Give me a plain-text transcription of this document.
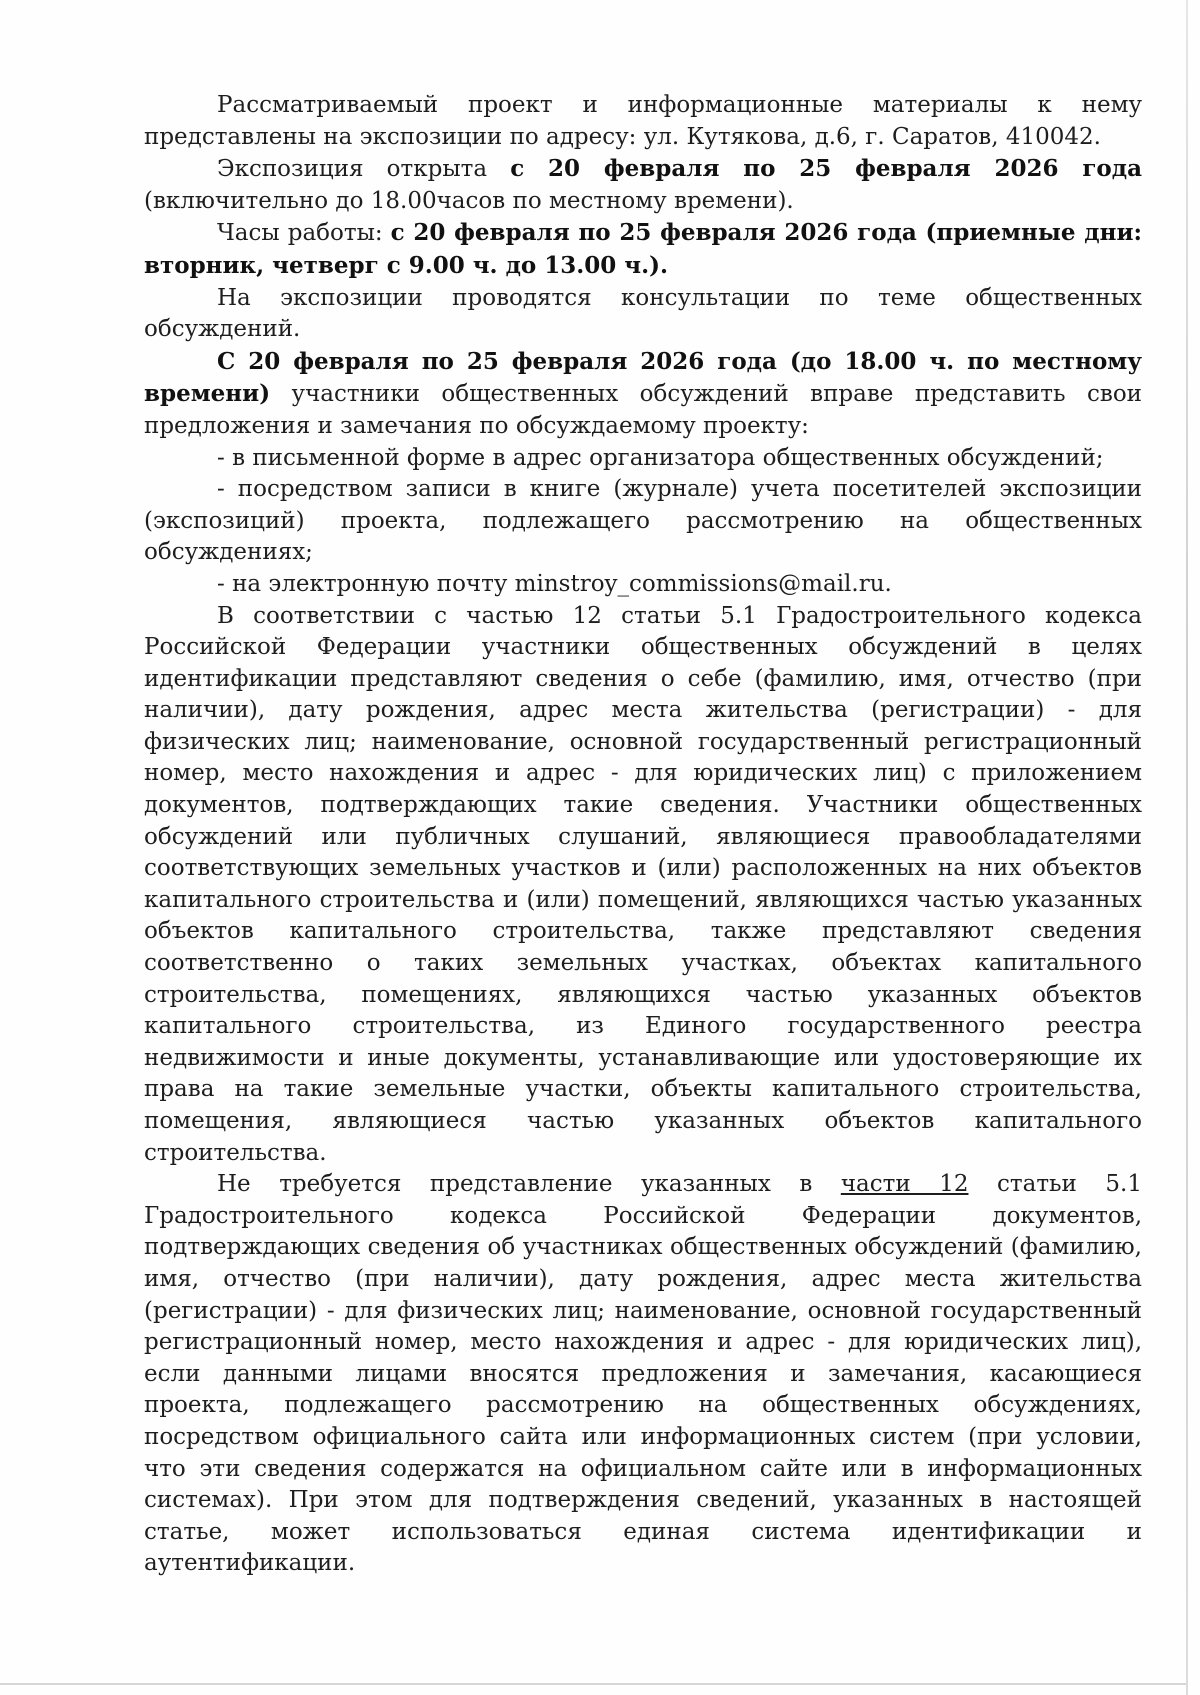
Рассматриваемый проект и информационные материалы к нему представлены на экспозиции по адресу: ул. Кутякова, д.6, г. Саратов, 410042.

Экспозиция открыта с 20 февраля по 25 февраля 2026 года (включительно до 18.00часов по местному времени).

Часы работы: с 20 февраля по 25 февраля 2026 года (приемные дни: вторник, четверг с 9.00 ч. до 13.00 ч.).

На экспозиции проводятся консультации по теме общественных обсуждений.

С 20 февраля по 25 февраля 2026 года (до 18.00 ч. по местному времени) участники общественных обсуждений вправе представить свои предложения и замечания по обсуждаемому проекту:

- в письменной форме в адрес организатора общественных обсуждений;

- посредством записи в книге (журнале) учета посетителей экспозиции (экспозиций) проекта, подлежащего рассмотрению на общественных обсуждениях;

- на электронную почту minstroy_commissions@mail.ru.

В соответствии с частью 12 статьи 5.1 Градостроительного кодекса Российской Федерации участники общественных обсуждений в целях идентификации представляют сведения о себе (фамилию, имя, отчество (при наличии), дату рождения, адрес места жительства (регистрации) - для физических лиц; наименование, основной государственный регистрационный номер, место нахождения и адрес - для юридических лиц) с приложением документов, подтверждающих такие сведения. Участники общественных обсуждений или публичных слушаний, являющиеся правообладателями соответствующих земельных участков и (или) расположенных на них объектов капитального строительства и (или) помещений, являющихся частью указанных объектов капитального строительства, также представляют сведения соответственно о таких земельных участках, объектах капитального строительства, помещениях, являющихся частью указанных объектов капитального строительства, из Единого государственного реестра недвижимости и иные документы, устанавливающие или удостоверяющие их права на такие земельные участки, объекты капитального строительства, помещения, являющиеся частью указанных объектов капитального строительства.

Не требуется представление указанных в части 12 статьи 5.1 Градостроительного кодекса Российской Федерации документов, подтверждающих сведения об участниках общественных обсуждений (фамилию, имя, отчество (при наличии), дату рождения, адрес места жительства (регистрации) - для физических лиц; наименование, основной государственный регистрационный номер, место нахождения и адрес - для юридических лиц), если данными лицами вносятся предложения и замечания, касающиеся проекта, подлежащего рассмотрению на общественных обсуждениях, посредством официального сайта или информационных систем (при условии, что эти сведения содержатся на официальном сайте или в информационных системах). При этом для подтверждения сведений, указанных в настоящей статье, может использоваться единая система идентификации и аутентификации.
